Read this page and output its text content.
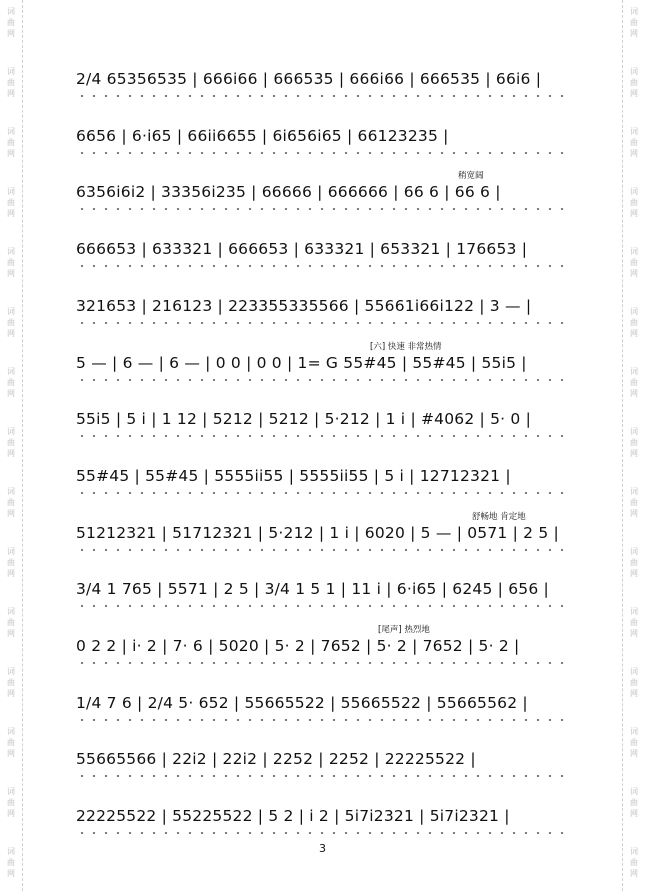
词曲网
词曲网
词曲网
词曲网
词曲网
词曲网
词曲网
词曲网
词曲网
词曲网
词曲网
词曲网
词曲网
词曲网
词曲网
词曲网
词曲网
词曲网
词曲网
词曲网
词曲网
词曲网
词曲网
词曲网
词曲网
词曲网
词曲网
词曲网
词曲网
词曲网
2/4 65356535 | 666i66 | 666535 | 666i66 | 666535 | 66i6 |
6656 | 6·i65 | 66ii6655 | 6i656i65 | 66123235 |
6356i6i2 | 33356i235 | 66666 | 666666 | 66 6 | 66 6 |
666653 | 633321 | 666653 | 633321 | 653321 | 176653 |
321653 | 216123 | 223355335566 | 55661i66i122 | 3 — |
5 — | 6 — | 6 — | 0 0 | 0 0 | 1= G 55#45 | 55#45 | 55i5 |
55i5 | 5 i | 1 12 | 5212 | 5212 | 5·212 | 1 i | #4062 | 5· 0 |
55#45 | 55#45 | 5555ii55 | 5555ii55 | 5 i | 12712321 |
51212321 | 51712321 | 5·212 | 1 i | 6020 | 5 — | 0571 | 2 5 |
3/4 1 765 | 5571 | 2 5 | 3/4 1 5 1 | 11 i | 6·i65 | 6245 | 656 |
0 2 2 | i· 2 | 7· 6 | 5020 | 5· 2 | 7652 | 5· 2 | 7652 | 5· 2 |
1/4 7 6 | 2/4 5· 652 | 55665522 | 55665522 | 55665562 |
55665566 | 22i2 | 22i2 | 2252 | 2252 | 22225522 |
22225522 | 55225522 | 5 2 | i 2 | 5i7i2321 | 5i7i2321 |
稍宽阔
[六] 快速 非常热情
舒畅地 肯定地
[尾声] 热烈地
3
